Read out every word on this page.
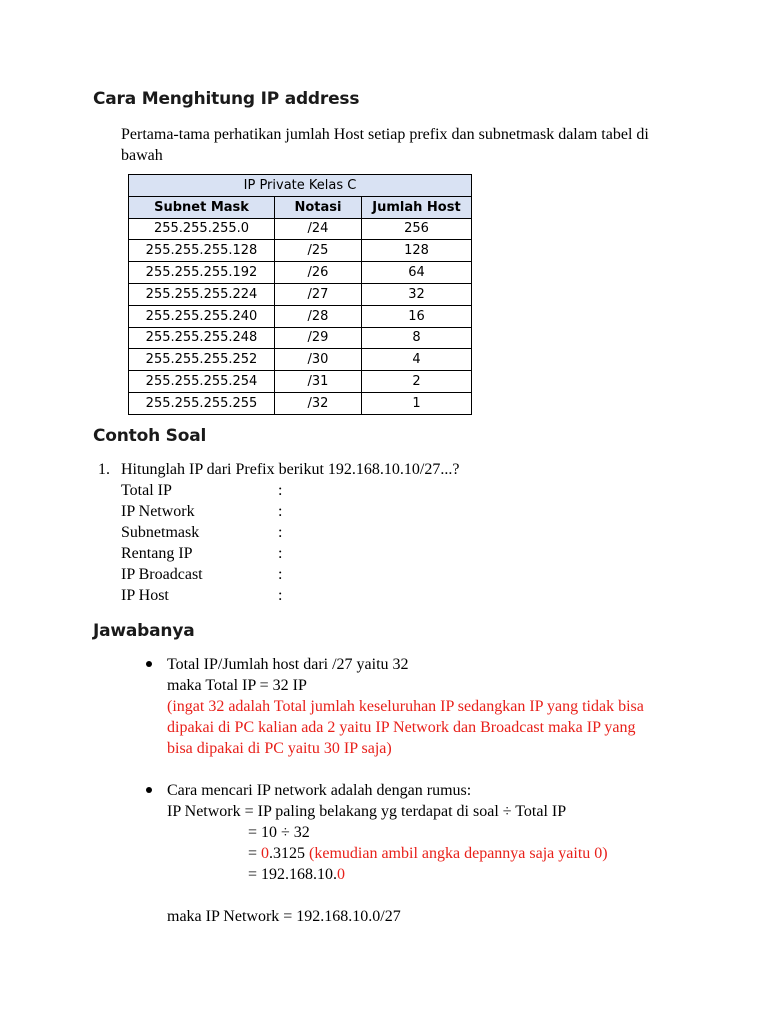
Cara Menghitung IP address

Pertama-tama perhatikan jumlah Host setiap prefix dan subnetmask dalam tabel di

bawah

IP Private Kelas C		
Subnet Mask	Notasi	Jumlah Host
255.255.255.0	/24	256
255.255.255.128	/25	128
255.255.255.192	/26	64
255.255.255.224	/27	32
255.255.255.240	/28	16
255.255.255.248	/29	8
255.255.255.252	/30	4
255.255.255.254	/31	2
255.255.255.255	/32	1
Contoh Soal
1. Hitunglah IP dari Prefix berikut 192.168.10.10/27...?
Total IP	:
IP Network	:
Subnetmask	:
Rentang IP	:
IP Broadcast	:
IP Host	:
Jawabanya

Total IP/Jumlah host dari /27 yaitu 32

maka Total IP = 32 IP

(ingat 32 adalah Total jumlah keseluruhan IP sedangkan IP yang tidak bisa

dipakai di PC kalian ada 2 yaitu IP Network dan Broadcast maka IP yang

bisa dipakai di PC yaitu 30 IP saja)

Cara mencari IP network adalah dengan rumus:

IP Network = IP paling belakang yg terdapat di soal ÷ Total IP

= 10 ÷ 32

= 0.3125 (kemudian ambil angka depannya saja yaitu 0)

= 192.168.10.0

maka IP Network = 192.168.10.0/27
